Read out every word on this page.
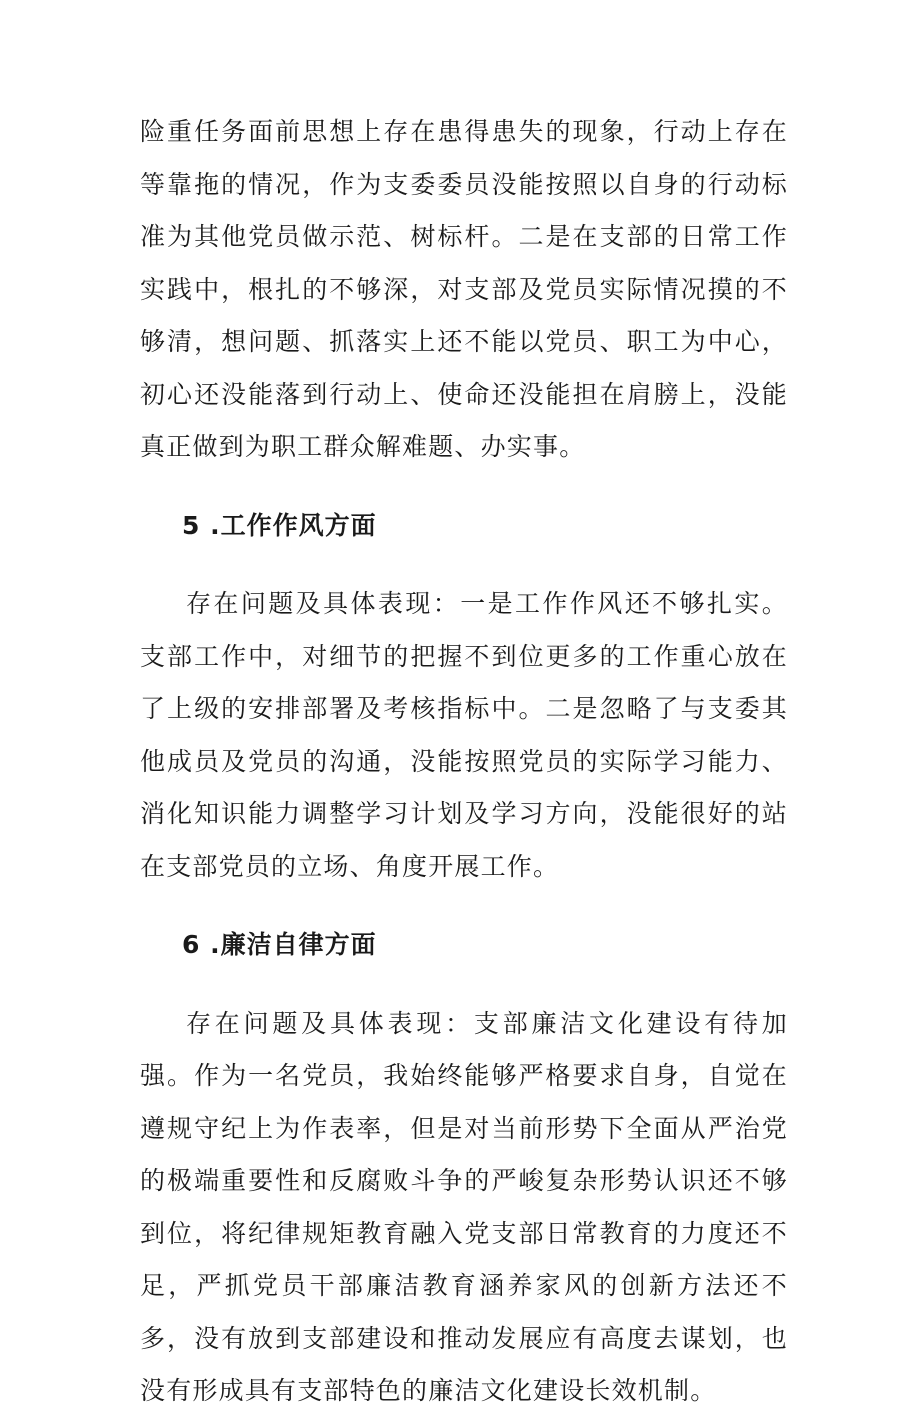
险重任务面前思想上存在患得患失的现象，行动上存在等靠拖的情况，作为支委委员没能按照以自身的行动标准为其他党员做示范、树标杆。二是在支部的日常工作实践中，根扎的不够深，对支部及党员实际情况摸的不够清，想问题、抓落实上还不能以党员、职工为中心，初心还没能落到行动上、使命还没能担在肩膀上，没能真正做到为职工群众解难题、办实事。

5 .工作作风方面

存在问题及具体表现：一是工作作风还不够扎实。支部工作中，对细节的把握不到位更多的工作重心放在了上级的安排部署及考核指标中。二是忽略了与支委其他成员及党员的沟通，没能按照党员的实际学习能力、消化知识能力调整学习计划及学习方向，没能很好的站在支部党员的立场、角度开展工作。

6 .廉洁自律方面

存在问题及具体表现：支部廉洁文化建设有待加强。作为一名党员，我始终能够严格要求自身，自觉在遵规守纪上为作表率，但是对当前形势下全面从严治党的极端重要性和反腐败斗争的严峻复杂形势认识还不够到位，将纪律规矩教育融入党支部日常教育的力度还不足，严抓党员干部廉洁教育涵养家风的创新方法还不多，没有放到支部建设和推动发展应有高度去谋划，也没有形成具有支部特色的廉洁文化建设长效机制。
